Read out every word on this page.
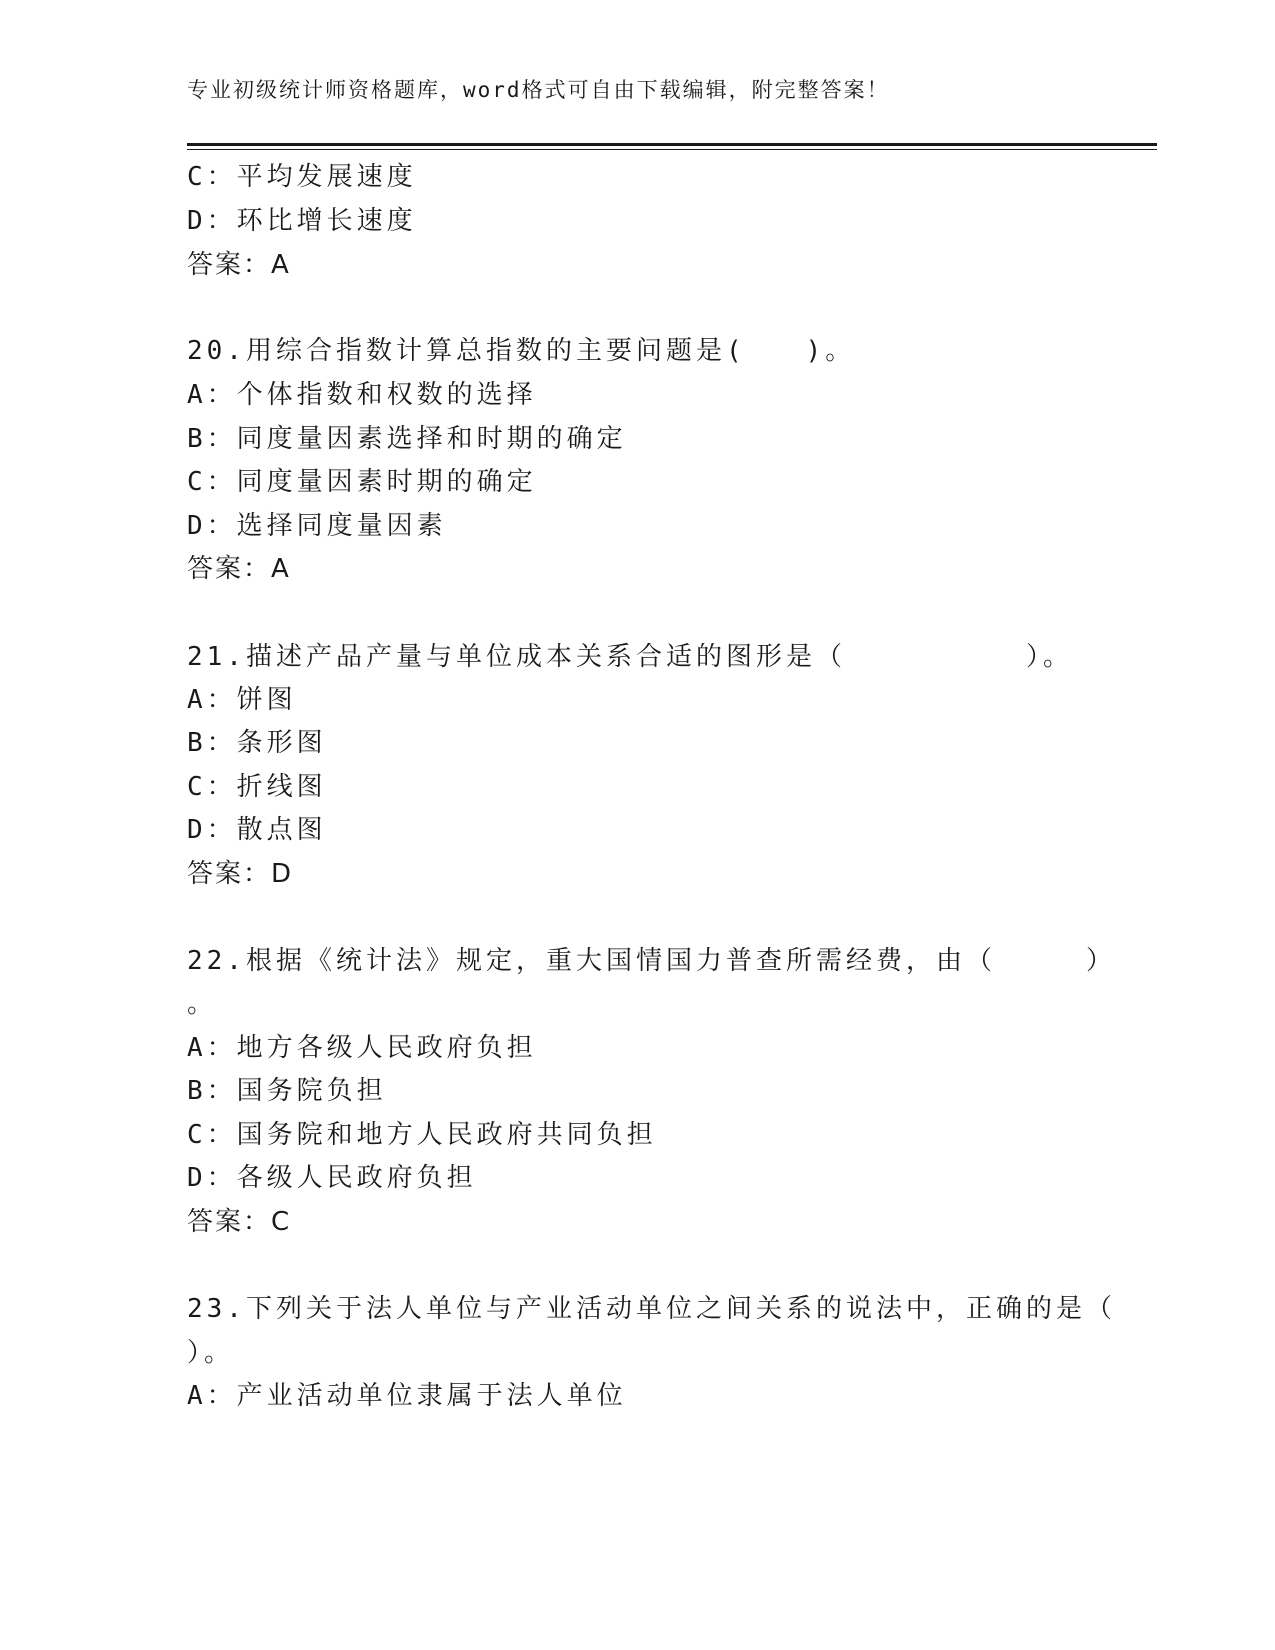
专业初级统计师资格题库，word格式可自由下载编辑，附完整答案！
C：平均发展速度
D：环比增长速度
答案：A
20.用综合指数计算总指数的主要问题是(　　)。
A：个体指数和权数的选择
B：同度量因素选择和时期的确定
C：同度量因素时期的确定
D：选择同度量因素
答案：A
21.描述产品产量与单位成本关系合适的图形是（　　　　　　）。
A：饼图
B：条形图
C：折线图
D：散点图
答案：D
22.根据《统计法》规定，重大国情国力普查所需经费，由（　　　）
。
A：地方各级人民政府负担
B：国务院负担
C：国务院和地方人民政府共同负担
D：各级人民政府负担
答案：C
23.下列关于法人单位与产业活动单位之间关系的说法中，正确的是（
）。
A：产业活动单位隶属于法人单位
